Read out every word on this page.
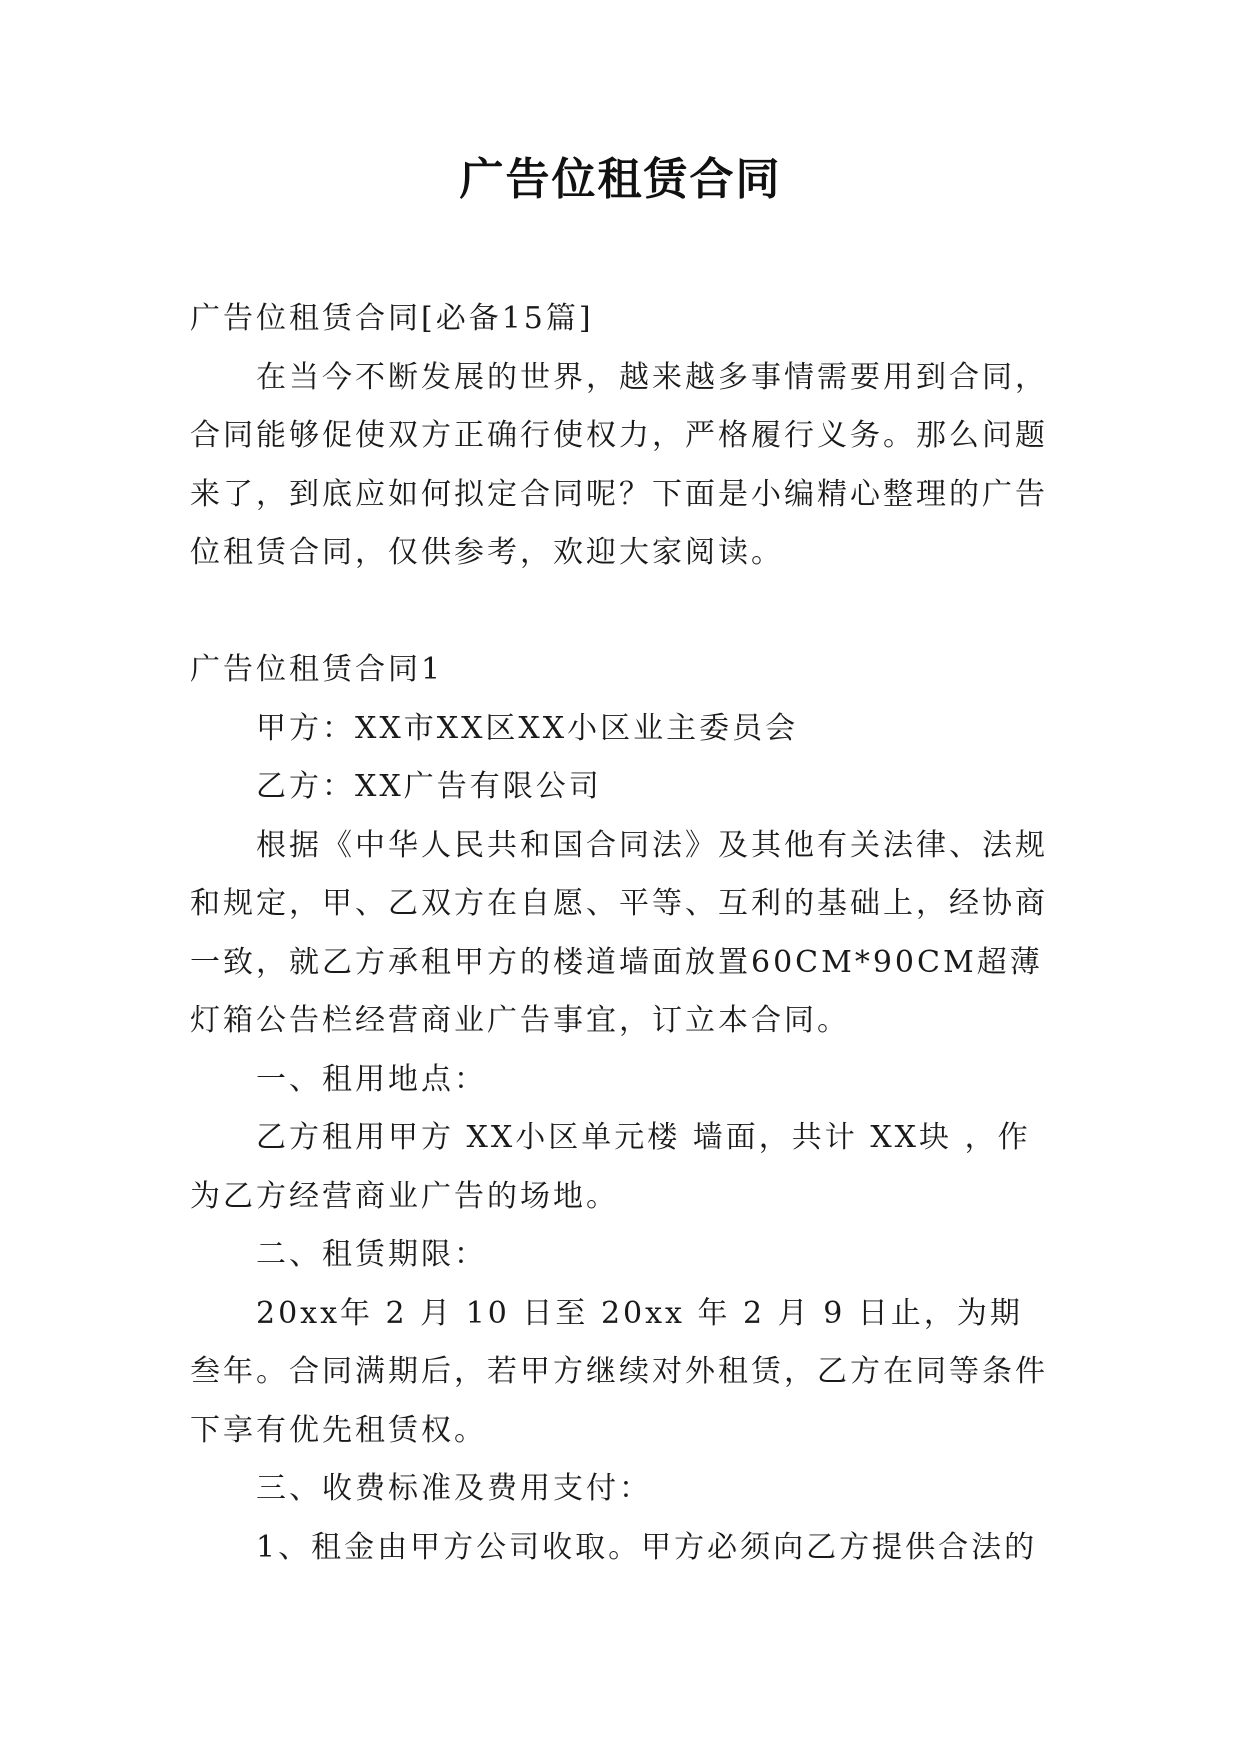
广告位租赁合同

广告位租赁合同[必备15篇]

在当今不断发展的世界，越来越多事情需要用到合同，合同能够促使双方正确行使权力，严格履行义务。那么问题来了，到底应如何拟定合同呢？下面是小编精心整理的广告位租赁合同，仅供参考，欢迎大家阅读。

广告位租赁合同1

甲方：XX市XX区XX小区业主委员会

乙方：XX广告有限公司

根据《中华人民共和国合同法》及其他有关法律、法规和规定，甲、乙双方在自愿、平等、互利的基础上，经协商一致，就乙方承租甲方的楼道墙面放置60CM*90CM超薄灯箱公告栏经营商业广告事宜，订立本合同。

一、租用地点：

乙方租用甲方 XX小区单元楼 墙面，共计 XX块 ，作为乙方经营商业广告的场地。

二、租赁期限：

20xx年 2 月 10 日至 20xx 年 2 月 9 日止，为期 叁年。合同满期后，若甲方继续对外租赁，乙方在同等条件下享有优先租赁权。

三、收费标准及费用支付：

1、租金由甲方公司收取。甲方必须向乙方提供合法的
